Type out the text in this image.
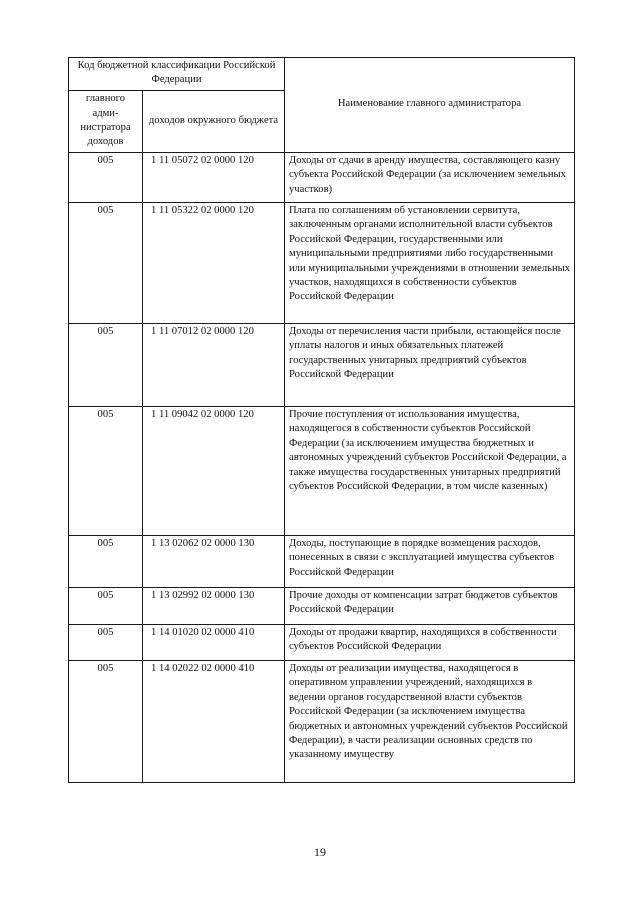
Код бюджетной классификации Российской Федерации		Наименование главного администратора
главного адми-нистратора доходов	доходов окружного бюджета	
005	1 11 05072 02 0000 120	Доходы от сдачи в аренду имущества, составляющего казну субъекта Российской Федерации (за исключением земельных участков)
005	1 11 05322 02 0000 120	Плата по соглашениям об установлении сервитута, заключенным органами исполнительной власти субъектов Российской Федерации, государственными или муниципальными предприятиями либо государственными или муниципальными учреждениями в отношении земельных участков, находящихся в собственности субъектов Российской Федерации
005	1 11 07012 02 0000 120	Доходы от перечисления части прибыли, остающейся после уплаты налогов и иных обязательных платежей государственных унитарных предприятий субъектов Российской Федерации
005	1 11 09042 02 0000 120	Прочие поступления от использования имущества, находящегося в собственности субъектов Российской Федерации (за исключением имущества бюджетных и автономных учреждений субъектов Российской Федерации, а также имущества государственных унитарных предприятий субъектов Российской Федерации, в том числе казенных)
005	1 13 02062 02 0000 130	Доходы, поступающие в порядке возмещения расходов, понесенных в связи с эксплуатацией имущества субъектов Российской Федерации
005	1 13 02992 02 0000 130	Прочие доходы от компенсации затрат бюджетов субъектов Российской Федерации
005	1 14 01020 02 0000 410	Доходы от продажи квартир, находящихся в собственности субъектов Российской Федерации
005	1 14 02022 02 0000 410	Доходы от реализации имущества, находящегося в оперативном управлении учреждений, находящихся в ведении органов государственной власти субъектов Российской Федерации (за исключением имущества бюджетных и автономных учреждений субъектов Российской Федерации), в части реализации основных средств по указанному имуществу
19
